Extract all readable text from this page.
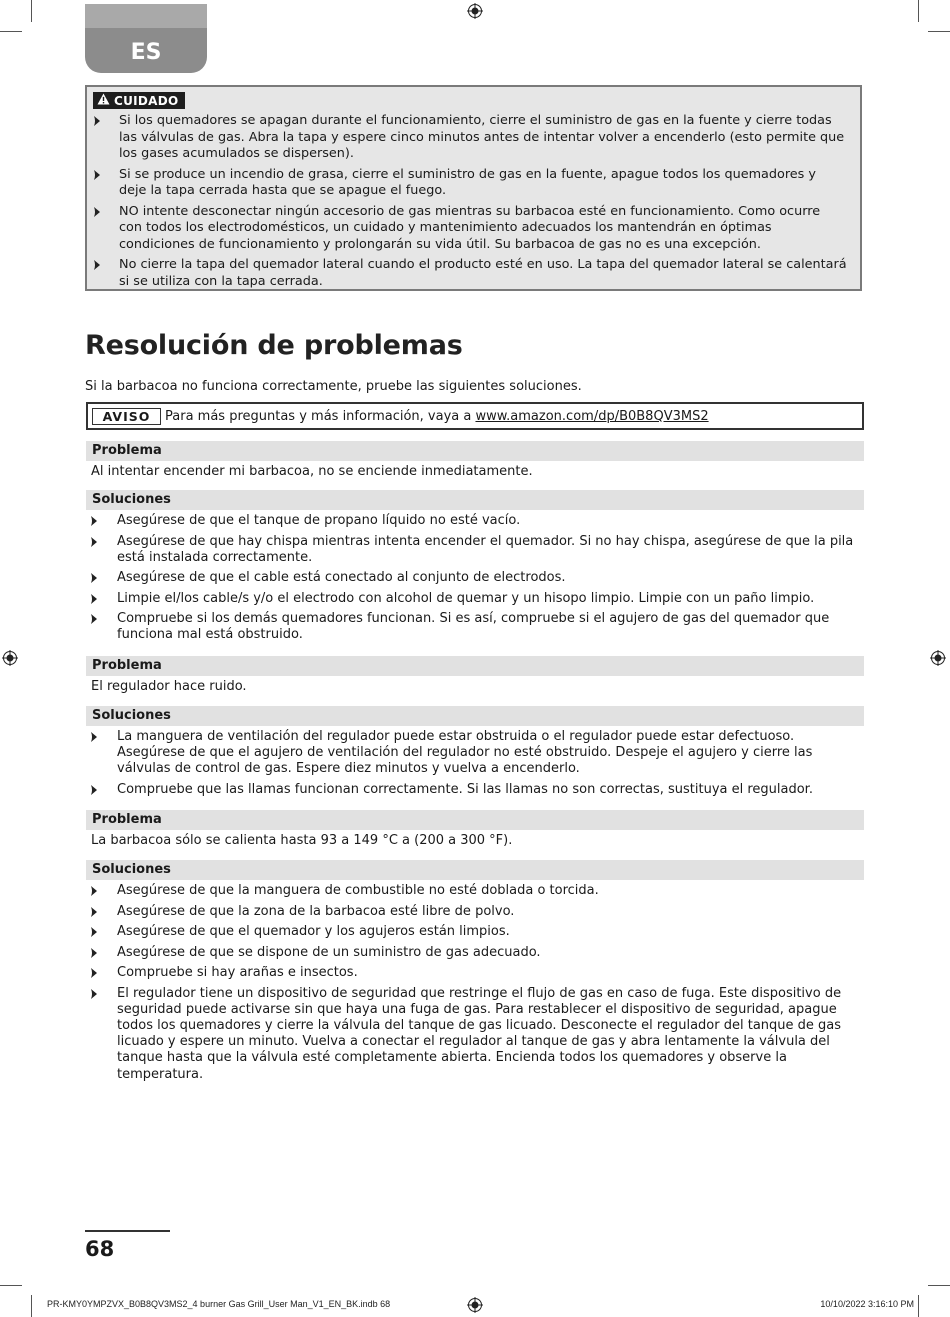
ES
CUIDADO
Si los quemadores se apagan durante el funcionamiento, cierre el suministro de gas en la fuente y cierre todas las válvulas de gas. Abra la tapa y espere cinco minutos antes de intentar volver a encenderlo (esto permite que los gases acumulados se dispersen).
Si se produce un incendio de grasa, cierre el suministro de gas en la fuente, apague todos los quemadores y deje la tapa cerrada hasta que se apague el fuego.
NO intente desconectar ningún accesorio de gas mientras su barbacoa esté en funcionamiento. Como ocurre con todos los electrodomésticos, un cuidado y mantenimiento adecuados los mantendrán en óptimas condiciones de funcionamiento y prolongarán su vida útil. Su barbacoa de gas no es una excepción.
No cierre la tapa del quemador lateral cuando el producto esté en uso. La tapa del quemador lateral se calentará si se utiliza con la tapa cerrada.
Resolución de problemas

Si la barbacoa no funciona correctamente, pruebe las siguientes soluciones.

AVISO	Para más preguntas y más información, vaya a www.amazon.com/dp/B0B8QV3MS2
Problema

Al intentar encender mi barbacoa, no se enciende inmediatamente.

Soluciones
Asegúrese de que el tanque de propano líquido no esté vacío.
Asegúrese de que hay chispa mientras intenta encender el quemador. Si no hay chispa, asegúrese de que la pila está instalada correctamente.
Asegúrese de que el cable está conectado al conjunto de electrodos.
Limpie el/los cable/s y/o el electrodo con alcohol de quemar y un hisopo limpio. Limpie con un paño limpio.
Compruebe si los demás quemadores funcionan. Si es así, compruebe si el agujero de gas del quemador que funciona mal está obstruido.
Problema

El regulador hace ruido.

Soluciones
La manguera de ventilación del regulador puede estar obstruida o el regulador puede estar defectuoso. Asegúrese de que el agujero de ventilación del regulador no esté obstruido. Despeje el agujero y cierre las válvulas de control de gas. Espere diez minutos y vuelva a encenderlo.
Compruebe que las llamas funcionan correctamente. Si las llamas no son correctas, sustituya el regulador.
Problema

La barbacoa sólo se calienta hasta 93 a 149 °C a (200 a 300 °F).

Soluciones
Asegúrese de que la manguera de combustible no esté doblada o torcida.
Asegúrese de que la zona de la barbacoa esté libre de polvo.
Asegúrese de que el quemador y los agujeros están limpios.
Asegúrese de que se dispone de un suministro de gas adecuado.
Compruebe si hay arañas e insectos.
El regulador tiene un dispositivo de seguridad que restringe el flujo de gas en caso de fuga. Este dispositivo de seguridad puede activarse sin que haya una fuga de gas. Para restablecer el dispositivo de seguridad, apague todos los quemadores y cierre la válvula del tanque de gas licuado. Desconecte el regulador del tanque de gas licuado y espere un minuto. Vuelva a conectar el regulador al tanque de gas y abra lentamente la válvula del tanque hasta que la válvula esté completamente abierta. Encienda todos los quemadores y observe la temperatura.
68
PR-KMY0YMPZVX_B0B8QV3MS2_4 burner Gas Grill_User Man_V1_EN_BK.indb 68	10/10/2022 3:16:10 PM
